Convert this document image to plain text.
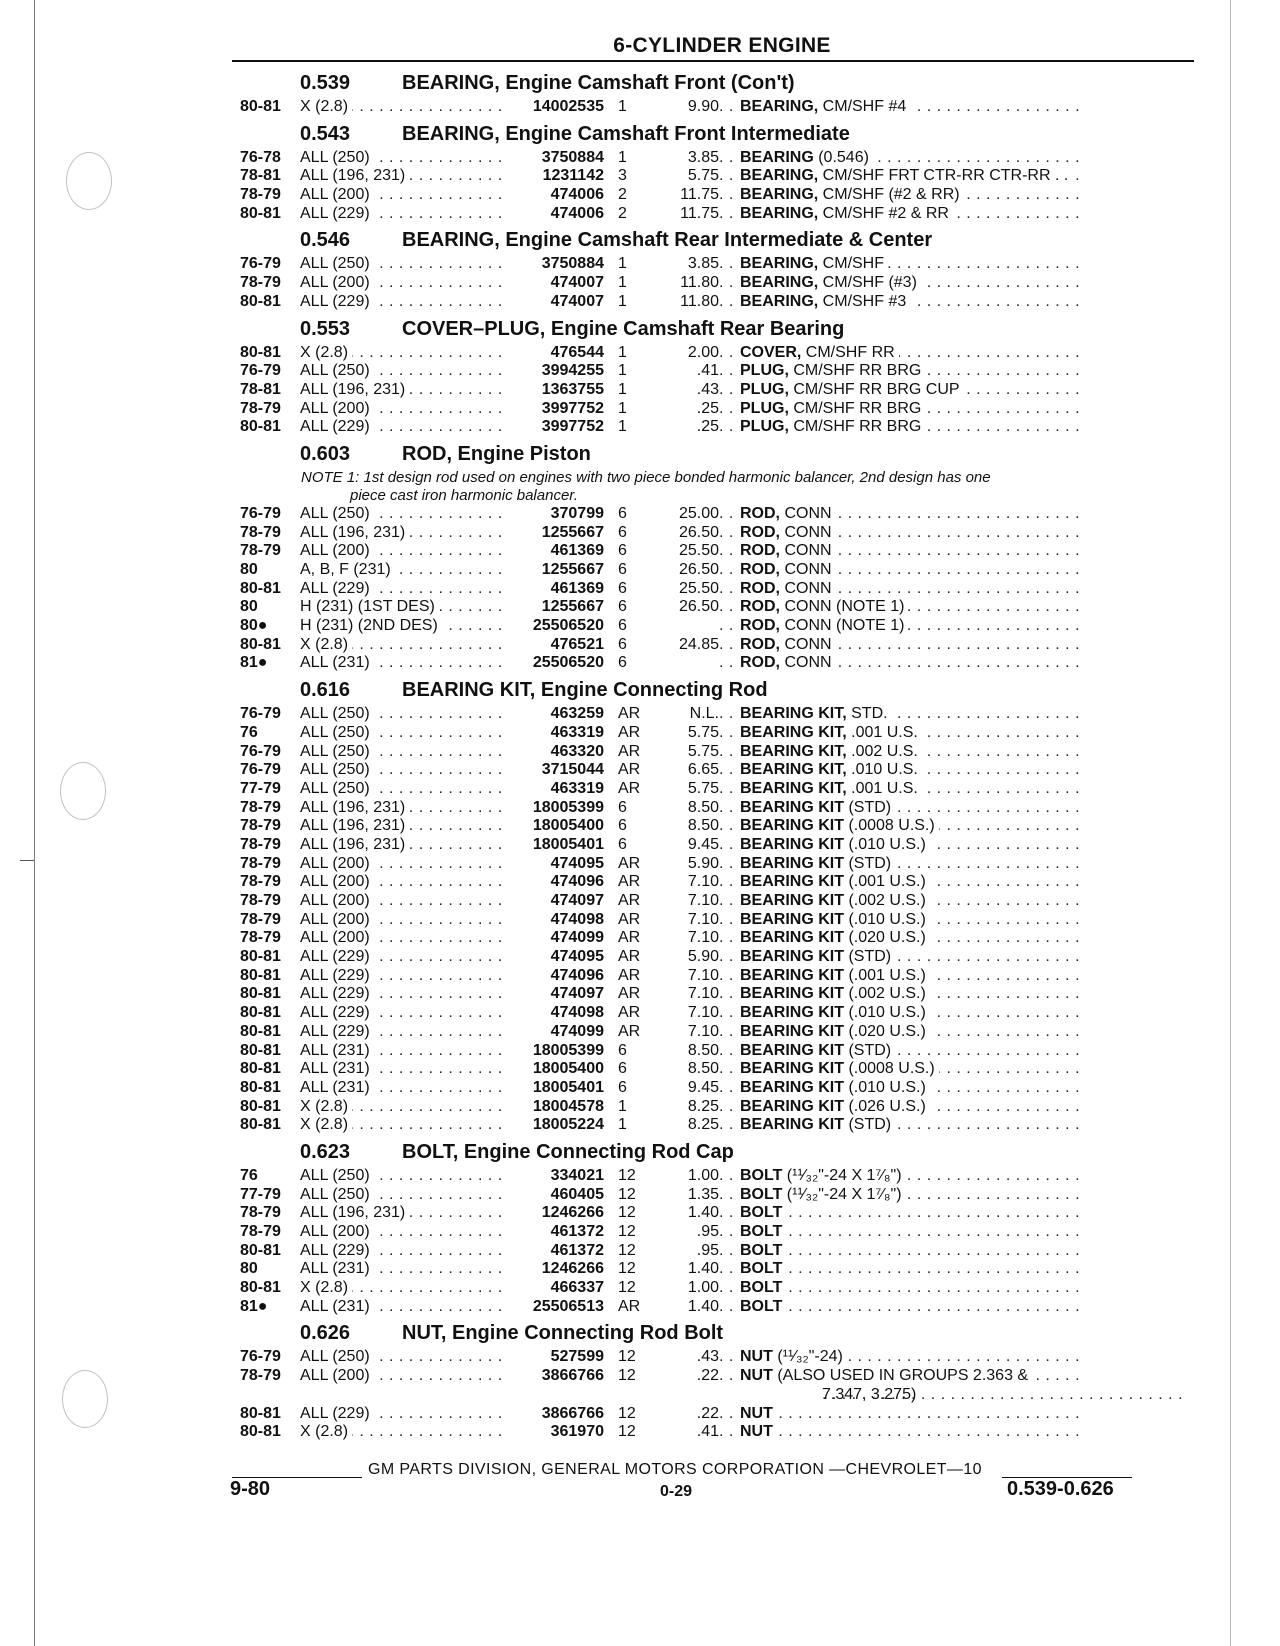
6-CYLINDER ENGINE
0.539	BEARING, Engine Camshaft Front (Con't)
80-81	X (2.8) . . .	14002535 1	9.90	BEARING, CM/SHF #4 . . .
0.543	BEARING, Engine Camshaft Front Intermediate
76-78	ALL (250) . . .	3750884 1	3.85	BEARING (0.546) . . .
78-81	ALL (196, 231) . . .	1231142 3	5.75	BEARING, CM/SHF FRT CTR-RR CTR-RR . . . . .
78-79	ALL (200) . . .	474006 2	11.75	BEARING, CM/SHF (#2 & RR) . . .
80-81	ALL (229) . . .	474006 2	11.75	BEARING, CM/SHF #2 & RR . . .
0.546	BEARING, Engine Camshaft Rear Intermediate & Center
76-79	ALL (250) . . .	3750884 1	3.85	BEARING, CM/SHF . . .
78-79	ALL (200) . . .	474007 1	11.80	BEARING, CM/SHF (#3) . . .
80-81	ALL (229) . . .	474007 1	11.80	BEARING, CM/SHF #3 . . .
0.553	COVER–PLUG, Engine Camshaft Rear Bearing
80-81	X (2.8) . . .	476544 1	2.00	COVER, CM/SHF RR . . .
76-79	ALL (250) . . .	3994255 1	.41	PLUG, CM/SHF RR BRG . . .
78-81	ALL (196, 231) . . .	1363755 1	.43	PLUG, CM/SHF RR BRG CUP . . .
78-79	ALL (200) . . .	3997752 1	.25	PLUG, CM/SHF RR BRG . . .
80-81	ALL (229) . . .	3997752 1	.25	PLUG, CM/SHF RR BRG . . .
0.603	ROD, Engine Piston
NOTE 1: 1st design rod used on engines with two piece bonded harmonic balancer, 2nd design has one
piece cast iron harmonic balancer.
76-79	ALL (250) . . .	370799 6	25.00	ROD, CONN . . .
78-79	ALL (196, 231) . . .	1255667 6	26.50	ROD, CONN . . .
78-79	ALL (200) . . .	461369 6	25.50	ROD, CONN . . .
80	A, B, F (231) . . .	1255667 6	26.50	ROD, CONN . . .
80-81	ALL (229) . . .	461369 6	25.50	ROD, CONN . . .
80	H (231) (1ST DES) . . .	1255667 6	26.50	ROD, CONN (NOTE 1) . . .
80●	H (231) (2ND DES) . . .	25506520 6	ROD, CONN (NOTE 1) . . .
80-81	X (2.8) . . .	476521 6	24.85	ROD, CONN . . .
81●	ALL (231) . . .	25506520 6	ROD, CONN . . .
0.616	BEARING KIT, Engine Connecting Rod
76-79	ALL (250) . . .	463259 AR	N.L.	BEARING KIT, STD. . . .
76	ALL (250) . . .	463319 AR	5.75	BEARING KIT, .001 U.S. . . .
76-79	ALL (250) . . .	463320 AR	5.75	BEARING KIT, .002 U.S. . . .
76-79	ALL (250) . . .	3715044 AR	6.65	BEARING KIT, .010 U.S. . . .
77-79	ALL (250) . . .	463319 AR	5.75	BEARING KIT, .001 U.S. . . .
78-79	ALL (196, 231) . . .	18005399 6	8.50	BEARING KIT (STD) . . .
78-79	ALL (196, 231) . . .	18005400 6	8.50	BEARING KIT (.0008 U.S.) . . .
78-79	ALL (196, 231) . . .	18005401 6	9.45	BEARING KIT (.010 U.S.) . . .
78-79	ALL (200) . . .	474095 AR	5.90	BEARING KIT (STD) . . .
78-79	ALL (200) . . .	474096 AR	7.10	BEARING KIT (.001 U.S.) . . .
78-79	ALL (200) . . .	474097 AR	7.10	BEARING KIT (.002 U.S.) . . .
78-79	ALL (200) . . .	474098 AR	7.10	BEARING KIT (.010 U.S.) . . .
78-79	ALL (200) . . .	474099 AR	7.10	BEARING KIT (.020 U.S.) . . .
80-81	ALL (229) . . .	474095 AR	5.90	BEARING KIT (STD) . . .
80-81	ALL (229) . . .	474096 AR	7.10	BEARING KIT (.001 U.S.) . . .
80-81	ALL (229) . . .	474097 AR	7.10	BEARING KIT (.002 U.S.) . . .
80-81	ALL (229) . . .	474098 AR	7.10	BEARING KIT (.010 U.S.) . . .
80-81	ALL (229) . . .	474099 AR	7.10	BEARING KIT (.020 U.S.) . . .
80-81	ALL (231) . . .	18005399 6	8.50	BEARING KIT (STD) . . .
80-81	ALL (231) . . .	18005400 6	8.50	BEARING KIT (.0008 U.S.) . . .
80-81	ALL (231) . . .	18005401 6	9.45	BEARING KIT (.010 U.S.) . . .
80-81	X (2.8) . . .	18004578 1	8.25	BEARING KIT (.026 U.S.) . . .
80-81	X (2.8) . . .	18005224 1	8.25	BEARING KIT (STD) . . .
0.623	BOLT, Engine Connecting Rod Cap
76	ALL (250) . . .	334021 12	1.00	BOLT (¹¹⁄₃₂"-24 X 1⁷⁄₈") . . .
77-79	ALL (250) . . .	460405 12	1.35	BOLT (¹¹⁄₃₂"-24 X 1⁷⁄₈") . . .
78-79	ALL (196, 231) . . .	1246266 12	1.40	BOLT . . .
78-79	ALL (200) . . .	461372 12	.95	BOLT . . .
80-81	ALL (229) . . .	461372 12	.95	BOLT . . .
80	ALL (231) . . .	1246266 12	1.40	BOLT . . .
80-81	X (2.8) . . .	466337 12	1.00	BOLT . . .
81●	ALL (231) . . .	25506513 AR	1.40	BOLT . . .
0.626	NUT, Engine Connecting Rod Bolt
76-79	ALL (250) . . .	527599 12	.43	NUT (¹¹⁄₃₂"-24) . . .
78-79	ALL (200) . . .	3866766 12	.22	NUT (ALSO USED IN GROUPS 2.363 & . . .
7.347, 3.275) . . .
80-81	ALL (229) . . .	3866766 12	.22	NUT . . .
80-81	X (2.8) . . .	361970 12	.41	NUT . . .
GM PARTS DIVISION, GENERAL MOTORS CORPORATION —CHEVROLET—10
9-80	0-29	0.539-0.626
